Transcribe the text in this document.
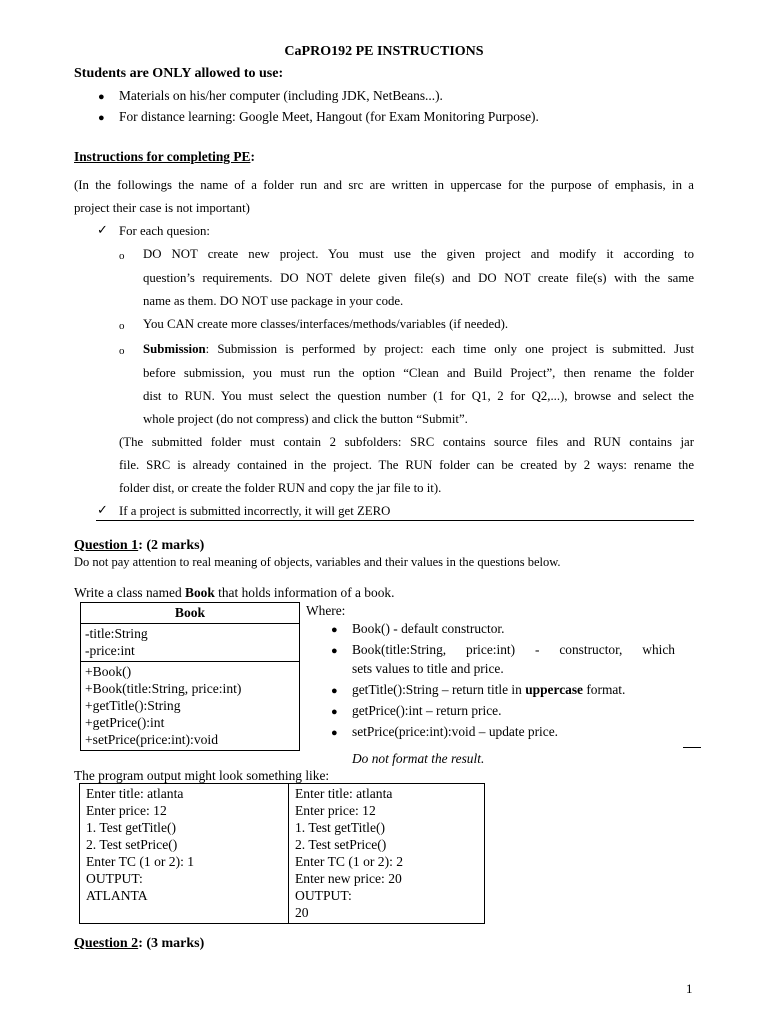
CaPRO192 PE INSTRUCTIONS
Students are ONLY allowed to use:
● Materials on his/her computer (including JDK, NetBeans...).
● For distance learning: Google Meet, Hangout (for Exam Monitoring Purpose).
Instructions for completing PE:
(In the followings the name of a folder run and src are written in uppercase for the purpose of emphasis, in a
project their case is not important)
✓ For each quesion:
o DO NOT create new project. You must use the given project and modify it according to
question’s requirements. DO NOT delete given file(s) and DO NOT create file(s) with the same
name as them. DO NOT use package in your code.
o You CAN create more classes/interfaces/methods/variables (if needed).
o Submission: Submission is performed by project: each time only one project is submitted. Just
before submission, you must run the option “Clean and Build Project”, then rename the folder
dist to RUN. You must select the question number (1 for Q1, 2 for Q2,...), browse and select the
whole project (do not compress) and click the button “Submit”.
(The submitted folder must contain 2 subfolders: SRC contains source files and RUN contains jar
file. SRC is already contained in the project. The RUN folder can be created by 2 ways: rename the
folder dist, or create the folder RUN and copy the jar file to it).
✓ If a project is submitted incorrectly, it will get ZERO
Question 1: (2 marks)
Do not pay attention to real meaning of objects, variables and their values in the questions below.
Write a class named Book that holds information of a book.
Book

-title:String
-price:int

+Book()
+Book(title:String, price:int)
+getTitle():String
+getPrice():int
+setPrice(price:int):void
Where:
● Book() - default constructor.
● Book(title:String, price:int) - constructor, which
sets values to title and price.
● getTitle():String – return title in uppercase format.
● getPrice():int – return price.
● setPrice(price:int):void – update price.
Do not format the result.
The program output might look something like:
Enter title: atlanta
Enter price: 12
1. Test getTitle()
2. Test setPrice()
Enter TC (1 or 2): 1
OUTPUT:
ATLANTA

Enter title: atlanta
Enter price: 12
1. Test getTitle()
2. Test setPrice()
Enter TC (1 or 2): 2
Enter new price: 20
OUTPUT:
20
Question 2: (3 marks)
1
